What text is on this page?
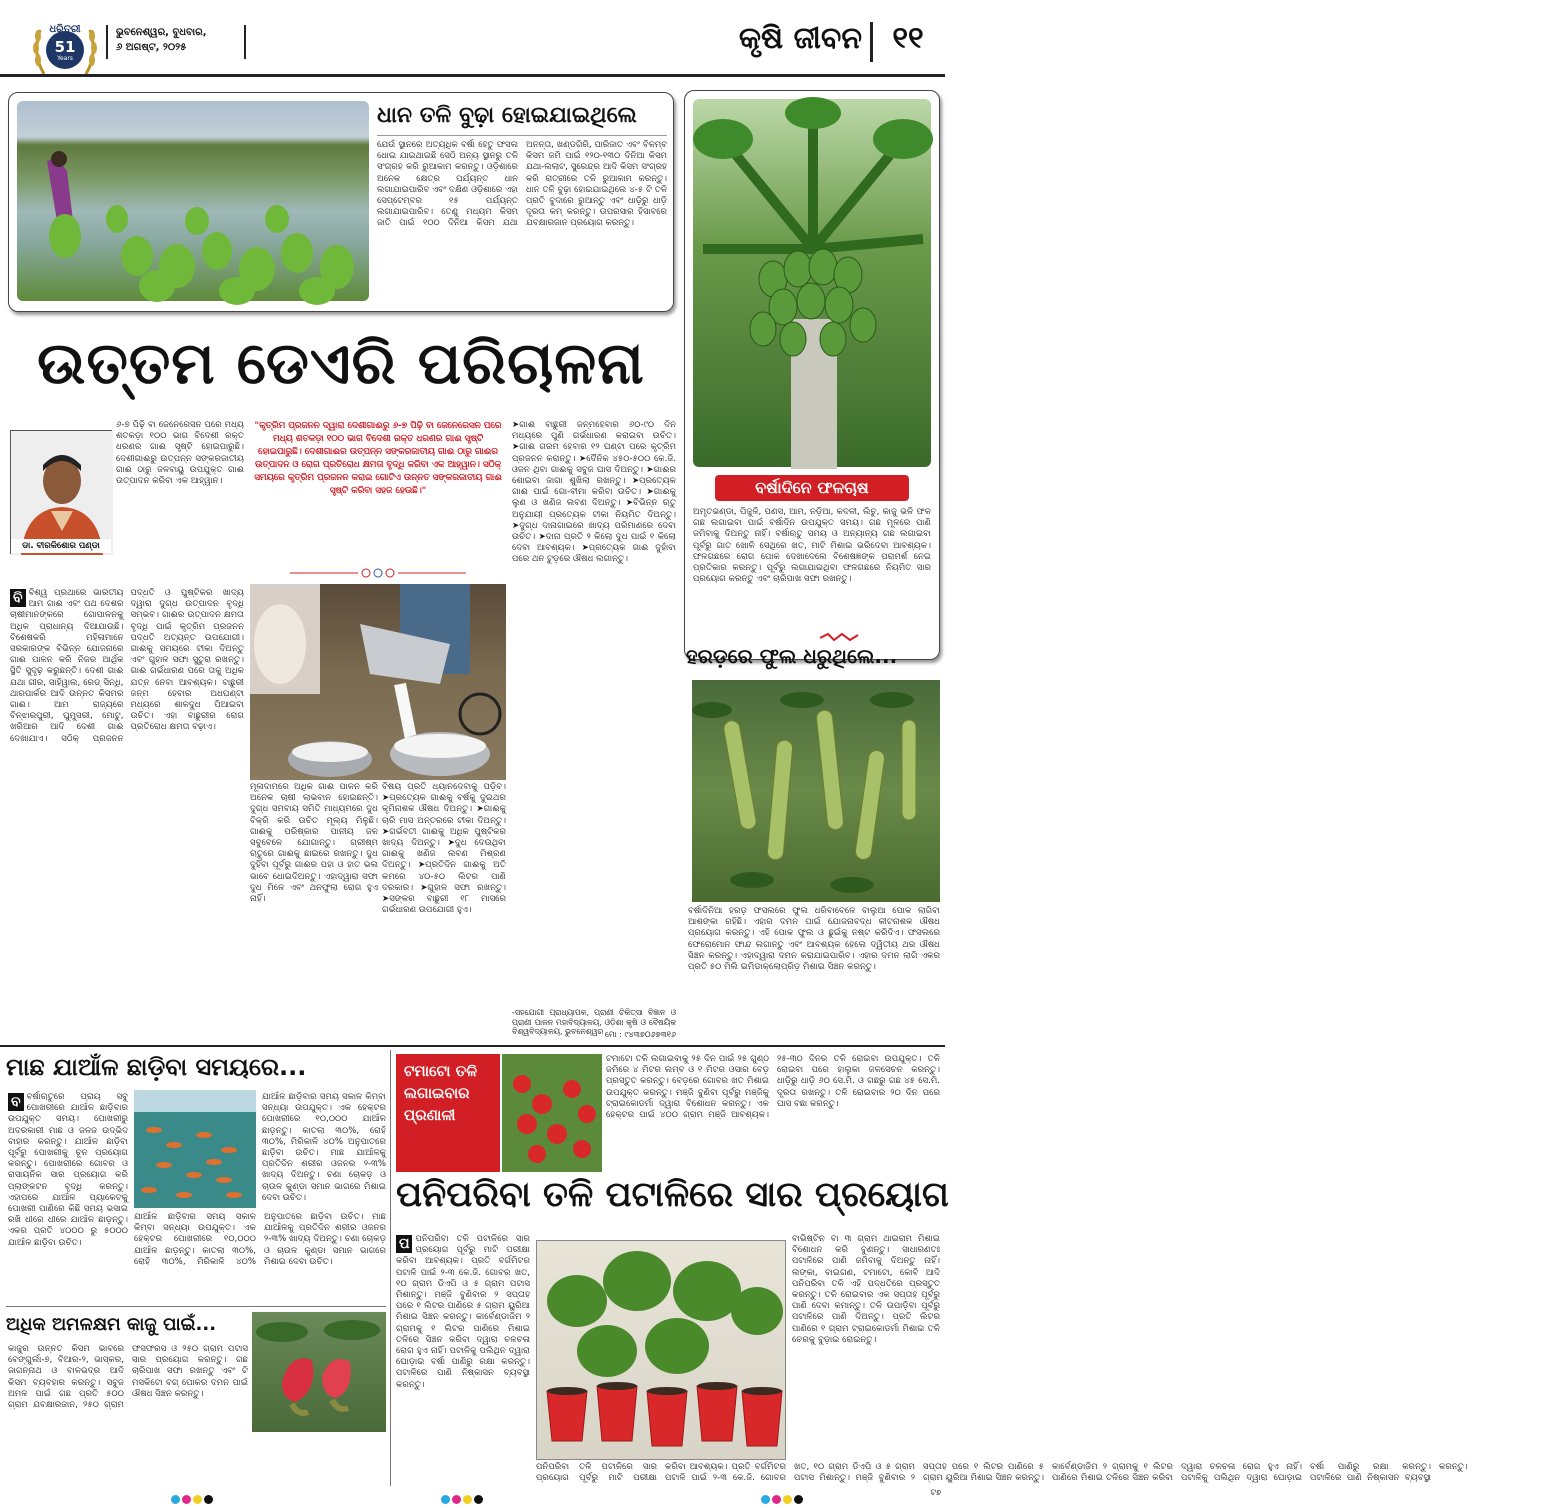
ଧରିତ୍ରୀ
51
Years
ଭୁବନେଶ୍ୱର, ବୁଧବାର,
୬ ଅଗଷ୍ଟ, ୨୦୨୫	କୃଷି ଜୀବନ	୧୧
ଧାନ ତଳି ବୁଢ଼ା ହୋଇଯାଇଥିଲେ
ଯେଉଁ ସ୍ଥାନରେ ଅତ୍ୟଧିକ ବର୍ଷା ହେତୁ ଫସଲ ଧୋଇ ଯାଇଥାଇଛି ସେଠି ଅନ୍ୟ ସ୍ଥାନରୁ ତଳି ସଂଗ୍ରହ କରି ରୁଆକାମ କରନ୍ତୁ। ଓଡ଼ିଶାରେ ଅନେକ କ୍ଷେତ୍ର ପର୍ଯ୍ୟନ୍ତ ଧାନ ଲଗାଯାଇପାରିବ ଏବଂ ଦକ୍ଷିଣ ଓଡ଼ିଶାରେ ଏହା ସେପ୍ଟେମ୍ବର ୧୫ ପର୍ଯ୍ୟନ୍ତ ଲଗାଯାଇପାରିବ। ତେଣୁ ମଧ୍ୟମ କିସମ ଜାତି ପାଇଁ ୧୦୦ ଦିନିଆ କିସମ ଯଥା ଅନନ୍ତା, ଖଣ୍ଡଗିରି, ପାରିଜାତ ଏବଂ ବିଳମ୍ବ କିସମ ଜମି ପାଇଁ ୧୨୦-୧୩୦ ଦିନିଆ କିସମ ଯଥା-ଲଲାଟ, ସୁରେନ୍ଦ୍ର ଆଦି କିସମ ସଂଗ୍ରହ କରି ରାତ୍ରୀରେ ତଳି ରୁଆକାମ କରନ୍ତୁ। ଧାନ ତଳି ବୁଢ଼ା ହୋଇଯାଇଥିଲେ ୪-୫ ଟି ତଳି ପ୍ରତି ବୁଦାରେ ରୁଆନ୍ତୁ ଏବଂ ଧାଡ଼ିରୁ ଧାଡ଼ି ଦୂରତା କମ୍ କରନ୍ତୁ। ଉପରସାର ହିସାବରେ ଯବକ୍ଷାରଜାନ ପ୍ରୟୋଗ କରନ୍ତୁ।
ଉତ୍ତମ ଡେଏରି ପରିଚାଳନା
ଡା. ବୀରକିଶୋର ପଣ୍ଡା
୬-୭ ପିଢ଼ି ବା ଜେନେରେସନ ପରେ ମଧ୍ୟ ଶତକଡ଼ା ୧୦୦ ଭାଗ ବିଦେଶୀ ରକ୍ତ ଧରଣର ଗାଈ ସୃଷ୍ଟି ହୋଇପାରୁଛି। ଦେଶୀଗାଈରୁ ଉତ୍ପନ୍ନ ସଙ୍କରଜାତୀୟ ଗାଈ ଠାରୁ ଜଳବାୟୁ ଉପଯୁକ୍ତ ଗାଈ ଉତ୍ପାଦନ କରିବା ଏକ ଆହ୍ୱାନ।
ବି ବିଶ୍ୱ ପ୍ରଥାରେ ଭାରତୀୟ ଆମ ଗାଈ ଏବଂ ପଥ ଦେଶର ଚାଷୀମାନଙ୍କରେ ଗୋପାଳନକୁ ଅଧିକ ପ୍ରାଧାନ୍ୟ ଦିଆଯାଉଛି। ବିଶେଷକରି ମହିଳାମାନେ ସରକାରଙ୍କ ବିଭିନ୍ନ ଯୋଜନାରେ ଗାଈ ପାଳନ କରି ନିଜର ଆର୍ଥିକ ସ୍ଥିତି ସୁଦୃଢ଼ କରୁଛନ୍ତି। ଦେଶୀ ଗାଈ ଯଥା ଗୀର, ସାହିୱାଲ, ରେଡ୍ ସିନ୍ଧି, ଥାରପାର୍କର ଆଦି ଉନ୍ନତ କିସମର ଗାଈ। ଆମ ରାଜ୍ୟରେ ବିନ୍ଝାରପୁରୀ, ଘୁମୁସରୀ, ମୋଟୁ, ଖରିଆର ଆଦି ଦେଶୀ ଗାଈ ଦେଖାଯାଏ। ସଠିକ୍ ପ୍ରଜନନ ପଦ୍ଧତି ଓ ପୁଷ୍ଟିକର ଖାଦ୍ୟ ଦ୍ୱାରା ଦୁଗ୍ଧ ଉତ୍ପାଦନ ବୃଦ୍ଧି ସମ୍ଭବ। ଗାଈର ଉତ୍ପାଦନ କ୍ଷମତା ବୃଦ୍ଧି ପାଇଁ କୃତ୍ରିମ ପ୍ରଜନନ ପଦ୍ଧତି ଅତ୍ୟନ୍ତ ଉପଯୋଗୀ। ଗାଈକୁ ସମୟରେ ଟୀକା ଦିଅନ୍ତୁ ଏବଂ ଗୁହାଳ ସଫା ସୁତୁରା ରଖନ୍ତୁ। ଗାଈ ଗର୍ଭଧାରଣ ପରେ ତାକୁ ଅଧିକ ଯତ୍ନ ନେବା ଆବଶ୍ୟକ। ବାଛୁରୀ ଜନ୍ମ ହେବାର ଅଧଘଣ୍ଟା ମଧ୍ୟରେ ଶାଳଦୁଧ ପିଆଇବା ଉଚିତ। ଏହା ବାଛୁରୀର ରୋଗ ପ୍ରତିରୋଧ କ୍ଷମତା ବଢ଼ାଏ।
"କୃତ୍ରିମ ପ୍ରଜନନ ଦ୍ୱାରା ଦେଶୀଗାଈରୁ ୬-୭ ପିଢ଼ି ବା ଜେନେରେସନ ପରେ ମଧ୍ୟ ଶତକଡ଼ା ୧୦୦ ଭାଗ ବିଦେଶୀ ରକ୍ତ ଧରଣର ଗାଈ ସୃଷ୍ଟି ହୋଇପାରୁଛି। ଦେଶୀଗାଈର ଉତ୍ପନ୍ନ ସଙ୍କରଜାତୀୟ ଗାଈ ଠାରୁ ଗାଈର ଉତ୍ପାଦନ ଓ ରୋଗ ପ୍ରତିରୋଧ କ୍ଷମତା ବୃଦ୍ଧି କରିବା ଏକ ଆହ୍ୱାନ। ସଠିକ୍ ସମୟରେ କୃତ୍ରିମ ପ୍ରଜନନ କରାଇ ଗୋଟିଏ ଉନ୍ନତ ସଙ୍କରଜାତୀୟ ଗାଈ ସୃଷ୍ଟି କରିବା ସହଜ ହେଉଛି।"
ମୂଳାଦାମରେ ଅଧିକ ଗାଈ ପାଳନ କରି ଅନେକ ଚାଷୀ ଲାଭବାନ ହୋଇଛନ୍ତି। ଦୁଗ୍ଧ ସମବାୟ ସମିତି ମାଧ୍ୟମରେ ଦୁଧ ବିକ୍ରି କରି ଉଚିତ ମୂଲ୍ୟ ମିଳୁଛି। ଗାଈକୁ ପରିଷ୍କାର ପାନୀୟ ଜଳ ସବୁବେଳେ ଯୋଗାନ୍ତୁ। ଗ୍ରୀଷ୍ମ ଋତୁରେ ଗାଈକୁ ଛାଇରେ ରଖନ୍ତୁ। ଦୁଧ ଦୁହିଁବା ପୂର୍ବରୁ ଗାଈର ପହା ଓ ହାତ ଭଲ ଭାବେ ଧୋଇଦିଅନ୍ତୁ। ଏହାଦ୍ୱାରା ସଫା ଦୁଧ ମିଳେ ଏବଂ ଥନଫୁଲା ରୋଗ ହୁଏ ନାହିଁ।
ବିଷୟ ପ୍ରତି ଧ୍ୟାନଦେବାକୁ ପଡ଼ିବ। ➤ପ୍ରତ୍ୟେକ ଗାଈକୁ ବର୍ଷକୁ ଦୁଇଥର କୃମିନାଶକ ଔଷଧ ଦିଅନ୍ତୁ। ➤ଗାଈକୁ ଚାରି ମାସ ଅନ୍ତରରେ ଟୀକା ଦିଅନ୍ତୁ। ➤ଗର୍ଭବତୀ ଗାଈକୁ ଅଧିକ ପୁଷ୍ଟିକର ଖାଦ୍ୟ ଦିଅନ୍ତୁ। ➤ଦୁଧ ଦେଉଥିବା ଗାଈକୁ ଖଣିଜ ଲବଣ ମିଶ୍ରଣ ଦିଅନ୍ତୁ। ➤ପ୍ରତିଦିନ ଗାଈକୁ ଅତି କମରେ ୪୦-୫୦ ଲିଟର ପାଣି ଦରକାର। ➤ଗୁହାଳ ସଫା ରଖନ୍ତୁ। ➤ସଙ୍କର ବାଛୁରୀ ୧୮ ମାସରେ ଗର୍ଭଧାରଣ ଉପଯୋଗୀ ହୁଏ।
➤ଗାଈ ବାଛୁରୀ ଜନ୍ମହେବାର ୬୦-୯୦ ଦିନ ମଧ୍ୟରେ ପୁଣି ଗର୍ଭଧାରଣ କରାଇବା ଉଚିତ। ➤ଗାଈ ଗରମ ହେବାର ୧୨ ଘଣ୍ଟା ପରେ କୃତ୍ରିମ ପ୍ରଜନନ କରାନ୍ତୁ। ➤ଦୈନିକ ୪୫୦-୫୦୦ କେ.ଜି. ଓଜନ ଥିବା ଗାଈକୁ ସବୁଜ ଘାସ ଦିଅନ୍ତୁ। ➤ଗାଈର ଶୋଇବା ଜାଗା ଶୁଖିଲା ରଖନ୍ତୁ। ➤ପ୍ରତ୍ୟେକ ଗାଈ ପାଇଁ ଗୋ-ବୀମା କରିବା ଉଚିତ। ➤ଗାଈକୁ ଲୁଣ ଓ ଖଣିଜ ଲବଣ ଦିଅନ୍ତୁ। ➤ବିଭିନ୍ନ ଋତୁ ଅନୁଯାୟୀ ପ୍ରତ୍ୟେକ ଟୀକା ନିୟମିତ ଦିଅନ୍ତୁ। ➤ଦୁଗ୍ଧ ଦାନାଗାଇରେ ଖାଦ୍ୟ ପରିମାଣରେ ଦେବା ଉଚିତ। ➤ଦାନା ପ୍ରତି ୨ କିଲୋ ଦୁଧ ପାଇଁ ୧ କିଲୋ ଦେବା ଆବଶ୍ୟକ। ➤ପ୍ରତ୍ୟେକ ଗାଈ ଦୁହାଁବା ପରେ ଥନ ଟୁଡ଼ରେ ଔଷଧ ଲଗାନ୍ତୁ।
-ସହଯୋଗୀ ପ୍ରାଧ୍ୟାପକ, ପ୍ରାଣୀ ଚିକିତ୍ସା ବିଜ୍ଞାନ ଓ ପ୍ରାଣୀ ପାଳନ ମହାବିଦ୍ୟାଳୟ, ଓଡ଼ିଶା କୃଷି ଓ ବୈଷୟିକ ବିଶ୍ୱବିଦ୍ୟାଳୟ, ଭୁବନେଶ୍ୱର ମୋ : ୯୪୩୭୦୬୭୩୧୬
ବର୍ଷାଦିନେ ଫଳଚାଷ
ଅମୃତଭଣ୍ଡା, ପିଜୁଳି, ପଣସ, ଆମ, ନଡ଼ିଆ, କଦଳୀ, ଲିଚୁ, କାଜୁ ଭଳି ଫଳ ଗଛ ଲଗାଇବା ପାଇଁ ବର୍ଷାଦିନ ଉପଯୁକ୍ତ ସମୟ। ଗଛ ମୂଳରେ ପାଣି ଜମିବାକୁ ଦିଅନ୍ତୁ ନାହିଁ। ବର୍ଷାଋତୁ ସମୟ ଓ ଅନ୍ୟାନ୍ୟ ଗଛ ଲଗାଇବା ପୂର୍ବରୁ ଗାତ ଖୋଳି ସେଥିରେ ଖତ, ମାଟି ମିଶାଇ ଭରିଦେବା ଆବଶ୍ୟକ। ଫଳଗଛରେ ରୋଗ ପୋକ ଦେଖାଦେଲେ ବିଶେଷଜ୍ଞଙ୍କ ପରାମର୍ଶ ନେଇ ପ୍ରତିକାର କରନ୍ତୁ। ପୂର୍ବରୁ ଲଗାଯାଇଥିବା ଫଳଗଛରେ ନିୟମିତ ସାର ପ୍ରୟୋଗ କରନ୍ତୁ ଏବଂ ଚାରିପାଖ ସଫା ରଖନ୍ତୁ।
ହରଡ଼ରେ ଫୁଲ ଧରୁଥିଲେ...
ବର୍ଷାଦିନିଆ ହରଡ଼ ଫସଲରେ ଫୁଲ ଧରିବାବେଳେ ବାଲୁଆ ପୋକ ଲାଗିବା ଆଶଙ୍କା ରହିଛି। ଏହାର ଦମନ ପାଇଁ ଯୋଜନାବଦ୍ଧ କୀଟନାଶକ ଔଷଧ ପ୍ରୟୋଗ କରନ୍ତୁ। ଏହି ପୋକ ଫୁଲ ଓ ଛୁଇଁକୁ ନଷ୍ଟ କରିଦିଏ। ଫସଲରେ ଫେରୋମୋନ ଫାନ୍ଦ ଲଗାନ୍ତୁ ଏବଂ ଆବଶ୍ୟକ ହେଲେ ଦ୍ୱିତୀୟ ଥର ଔଷଧ ସିଞ୍ଚନ କରନ୍ତୁ। ଏହାଦ୍ୱାରା ଦମନ କରାଯାଇପାରିବ। ଏହାର ଦମନ ଲାଗି ଏକର ପ୍ରତି ୫୦ ମିଲି ଇମିଡାକ୍ଲୋପ୍ରିଡ଼ ମିଶାଇ ସିଞ୍ଚନ କରନ୍ତୁ।
ମାଛ ଯାଆଁଳ ଛାଡ଼ିବା ସମୟରେ...
ବ ବର୍ଷାଋତୁରେ ପ୍ରାୟ ସବୁ ପୋଖରୀରେ ଯାଆଁଳ ଛାଡ଼ିବାର ଉପଯୁକ୍ତ ସମୟ। ପୋଖରୀରୁ ଅଦରକାରୀ ମାଛ ଓ ଜଳଜ ଉଦ୍ଭିଦ ବାହାର କରନ୍ତୁ। ଯାଆଁଳ ଛାଡ଼ିବା ପୂର୍ବରୁ ପୋଖରୀକୁ ଚୂନ ପ୍ରୟୋଗ କରନ୍ତୁ। ପୋଖରୀରେ ଗୋବର ଓ ରାସାୟନିକ ସାର ପ୍ରୟୋଗ କରି ପ୍ଲାଙ୍କଟନ ବୃଦ୍ଧି କରନ୍ତୁ। ଏହାପରେ ଯାଆଁଳ ପ୍ୟାକେଟକୁ ପୋଖରୀ ପାଣିରେ କିଛି ସମୟ ଭସାଇ ରଖି ଧୀରେ ଧୀରେ ଯାଆଁଳ ଛାଡ଼ନ୍ତୁ। ଏକର ପ୍ରତି ୪୦୦୦ ରୁ ୫୦୦୦ ଯାଆଁଳ ଛାଡ଼ିବା ଉଚିତ।
ଯାଆଁଳ ଛାଡ଼ିବାର ସମୟ ସକାଳ କିମ୍ବା ସନ୍ଧ୍ୟା ଉପଯୁକ୍ତ। ଏକ ହେକ୍ଟର ପୋଖରୀରେ ୧୦,୦୦୦ ଯାଆଁଳ ଛାଡ଼ନ୍ତୁ। କାତଲା ୩୦%, ରୋହି ୩୦%, ମିରିକାଳି ୪୦% ଅନୁପାତରେ ଛାଡ଼ିବା ଉଚିତ। ମାଛ ଯାଆଁଳକୁ ପ୍ରତିଦିନ ଶରୀର ଓଜନର ୨-୩% ଖାଦ୍ୟ ଦିଅନ୍ତୁ। ଚଣା ଚୋକଡ଼ ଓ ଚାଉଳ କୁଣ୍ଡା ସମାନ ଭାଗରେ ମିଶାଇ ଦେବା ଉଚିତ।
ଯାଆଁଳ ଛାଡ଼ିବାର ସମୟ ସକାଳ କିମ୍ବା ସନ୍ଧ୍ୟା ଉପଯୁକ୍ତ। ଏକ ହେକ୍ଟର ପୋଖରୀରେ ୧୦,୦୦୦ ଯାଆଁଳ ଛାଡ଼ନ୍ତୁ। କାତଲା ୩୦%, ରୋହି ୩୦%, ମିରିକାଳି ୪୦% ଅନୁପାତରେ ଛାଡ଼ିବା ଉଚିତ। ମାଛ ଯାଆଁଳକୁ ପ୍ରତିଦିନ ଶରୀର ଓଜନର ୨-୩% ଖାଦ୍ୟ ଦିଅନ୍ତୁ। ଚଣା ଚୋକଡ଼ ଓ ଚାଉଳ କୁଣ୍ଡା ସମାନ ଭାଗରେ ମିଶାଇ ଦେବା ଉଚିତ।
ଅଧିକ ଅମଳକ୍ଷମ କାଜୁ ପାଇଁ...
କାଜୁର ଉନ୍ନତ କିସମ ଭାବରେ ବେଙ୍ଗୁର୍ଲା-୭, ବିଆର-୨, ଭାସ୍କର, ଜାଗନ୍ନାଥ ଓ ବାଳଭଦ୍ର ଆଦି କିସମ ବ୍ୟବହାର କରନ୍ତୁ। ସବୁଜ ଅମଳ ପାଇଁ ଗଛ ପ୍ରତି ୫୦୦ ଗ୍ରାମ ଯବକ୍ଷାରଜାନ, ୨୫୦ ଗ୍ରାମ ଫସଫରସ ଓ ୨୫୦ ଗ୍ରାମ ପଟାସ ସାର ପ୍ରୟୋଗ କରନ୍ତୁ। ଗଛ ଚାରିପାଖ ସଫା ରଖନ୍ତୁ ଏବଂ ଟି ମସକିଟୋ ବଗ୍ ପୋକର ଦମନ ପାଇଁ ଔଷଧ ସିଞ୍ଚନ କରନ୍ତୁ।
ଟମାଟୋ ତଳି ଲଗାଇବାର ପ୍ରଣାଳୀ
ଟମାଟୋ ତଳି ଲଗାଇବାକୁ ୨୫ ଦିନ ପାଇଁ ୨୫ ଗୁଣ୍ଠ ଜମିରେ ୪ ମିଟର ଲମ୍ବ ଓ ୧ ମିଟର ଓସାର ବେଡ଼ ପ୍ରସ୍ତୁତ କରନ୍ତୁ। ବେଡ଼ରେ ଗୋବର ଖତ ମିଶାଇ ଉପଯୁକ୍ତ କରନ୍ତୁ। ମଞ୍ଜି ବୁଣିବା ପୂର୍ବରୁ ମଞ୍ଜିକୁ ଟ୍ରାଇକୋଡର୍ମା ଦ୍ୱାରା ବିଶୋଧନ କରନ୍ତୁ। ଏକ ହେକ୍ଟର ପାଇଁ ୪୦୦ ଗ୍ରାମ ମଞ୍ଜି ଆବଶ୍ୟକ। ୨୫-୩୦ ଦିନର ତଳି ରୋଇବା ଉପଯୁକ୍ତ। ତଳି ରୋଇବା ପରେ ହାଲୁକା ଜଳସେଚନ କରନ୍ତୁ। ଧାଡ଼ିରୁ ଧାଡ଼ି ୬୦ ସେ.ମି. ଓ ଗଛରୁ ଗଛ ୪୫ ସେ.ମି. ଦୂରତା ରଖନ୍ତୁ। ତଳି ରୋଇବାର ୨୦ ଦିନ ପରେ ଘାସ ବଛା କରନ୍ତୁ।
ପନିପରିବା ତଳି ପଟାଳିରେ ସାର ପ୍ରୟୋଗ
ପ ପନିପରିବା ତଳି ପଟାଳିରେ ସାର ପ୍ରୟୋଗ ପୂର୍ବରୁ ମାଟି ପରୀକ୍ଷା କରିବା ଆବଶ୍ୟକ। ପ୍ରତି ବର୍ଗମିଟର ପଟାଳି ପାଇଁ ୨-୩ କେ.ଜି. ଗୋବର ଖତ, ୧୦ ଗ୍ରାମ ଡିଏପି ଓ ୫ ଗ୍ରାମ ପଟାସ ମିଶାନ୍ତୁ। ମଞ୍ଜି ବୁଣିବାର ୨ ସପ୍ତାହ ପରେ ୧ ଲିଟର ପାଣିରେ ୫ ଗ୍ରାମ ୟୁରିଆ ମିଶାଇ ସିଞ୍ଚନ କରନ୍ତୁ। କାର୍ବେଣ୍ଡାଜିମ ୨ ଗ୍ରାମକୁ ୧ ଲିଟର ପାଣିରେ ମିଶାଇ ତଳିରେ ସିଞ୍ଚନ କରିବା ଦ୍ୱାରା ଚଳଚଳା ରୋଗ ହୁଏ ନାହିଁ। ପଟାଳିକୁ ପଲିଥିନ ଦ୍ୱାରା ଘୋଡ଼ାଇ ବର୍ଷା ପାଣିରୁ ରକ୍ଷା କରନ୍ତୁ। ପଟାଳିରେ ପାଣି ନିଷ୍କାସନ ବ୍ୟବସ୍ଥା କରନ୍ତୁ।
ପନିପରିବା ତଳି ପଟାଳିରେ ସାର ପ୍ରୟୋଗ ପୂର୍ବରୁ ମାଟି ପରୀକ୍ଷା କରିବା ଆବଶ୍ୟକ। ପ୍ରତି ବର୍ଗମିଟର ପଟାଳି ପାଇଁ ୨-୩ କେ.ଜି. ଗୋବର ଖତ, ୧୦ ଗ୍ରାମ ଡିଏପି ଓ ୫ ଗ୍ରାମ ପଟାସ ମିଶାନ୍ତୁ। ମଞ୍ଜି ବୁଣିବାର ୨ ସପ୍ତାହ ପରେ ୧ ଲିଟର ପାଣିରେ ୫ ଗ୍ରାମ ୟୁରିଆ ମିଶାଇ ସିଞ୍ଚନ କରନ୍ତୁ। କାର୍ବେଣ୍ଡାଜିମ ୨ ଗ୍ରାମକୁ ୧ ଲିଟର ପାଣିରେ ମିଶାଇ ତଳିରେ ସିଞ୍ଚନ କରିବା ଦ୍ୱାରା ଚଳଚଳା ରୋଗ ହୁଏ ନାହିଁ। ପଟାଳିକୁ ପଲିଥିନ ଦ୍ୱାରା ଘୋଡ଼ାଇ ବର୍ଷା ପାଣିରୁ ରକ୍ଷା କରନ୍ତୁ। ପଟାଳିରେ ପାଣି ନିଷ୍କାସନ ବ୍ୟବସ୍ଥା କରନ୍ତୁ।
ବାଭିଷ୍ଟିନ ବା ୩ ଗ୍ରାମ ଥାଇରାମ ମିଶାଇ ବିଶୋଧନ କରି ବୁଣନ୍ତୁ। ସାଧାରଣତଃ ପଟାଳିରେ ପାଣି ଜମିବାକୁ ଦିଅନ୍ତୁ ନାହିଁ। ଲଙ୍କା, ବାଇଗଣ, ଟମାଟୋ, କୋବି ଆଦି ପନିପରିବା ତଳି ଏହି ପଦ୍ଧତିରେ ପ୍ରସ୍ତୁତ କରନ୍ତୁ। ତଳି ରୋଇବାର ଏକ ସପ୍ତାହ ପୂର୍ବରୁ ପାଣି ଦେବା କମାନ୍ତୁ। ତଳି ଉପାଡ଼ିବା ପୂର୍ବରୁ ପଟାଳିରେ ପାଣି ଦିଅନ୍ତୁ। ପ୍ରତି ଲିଟର ପାଣିରେ ୧ ଗ୍ରାମ ଟ୍ରାଇକୋଡର୍ମା ମିଶାଇ ତଳି ଚେରକୁ ବୁଡ଼ାଇ ରୋଇନ୍ତୁ।
ଟ୭
